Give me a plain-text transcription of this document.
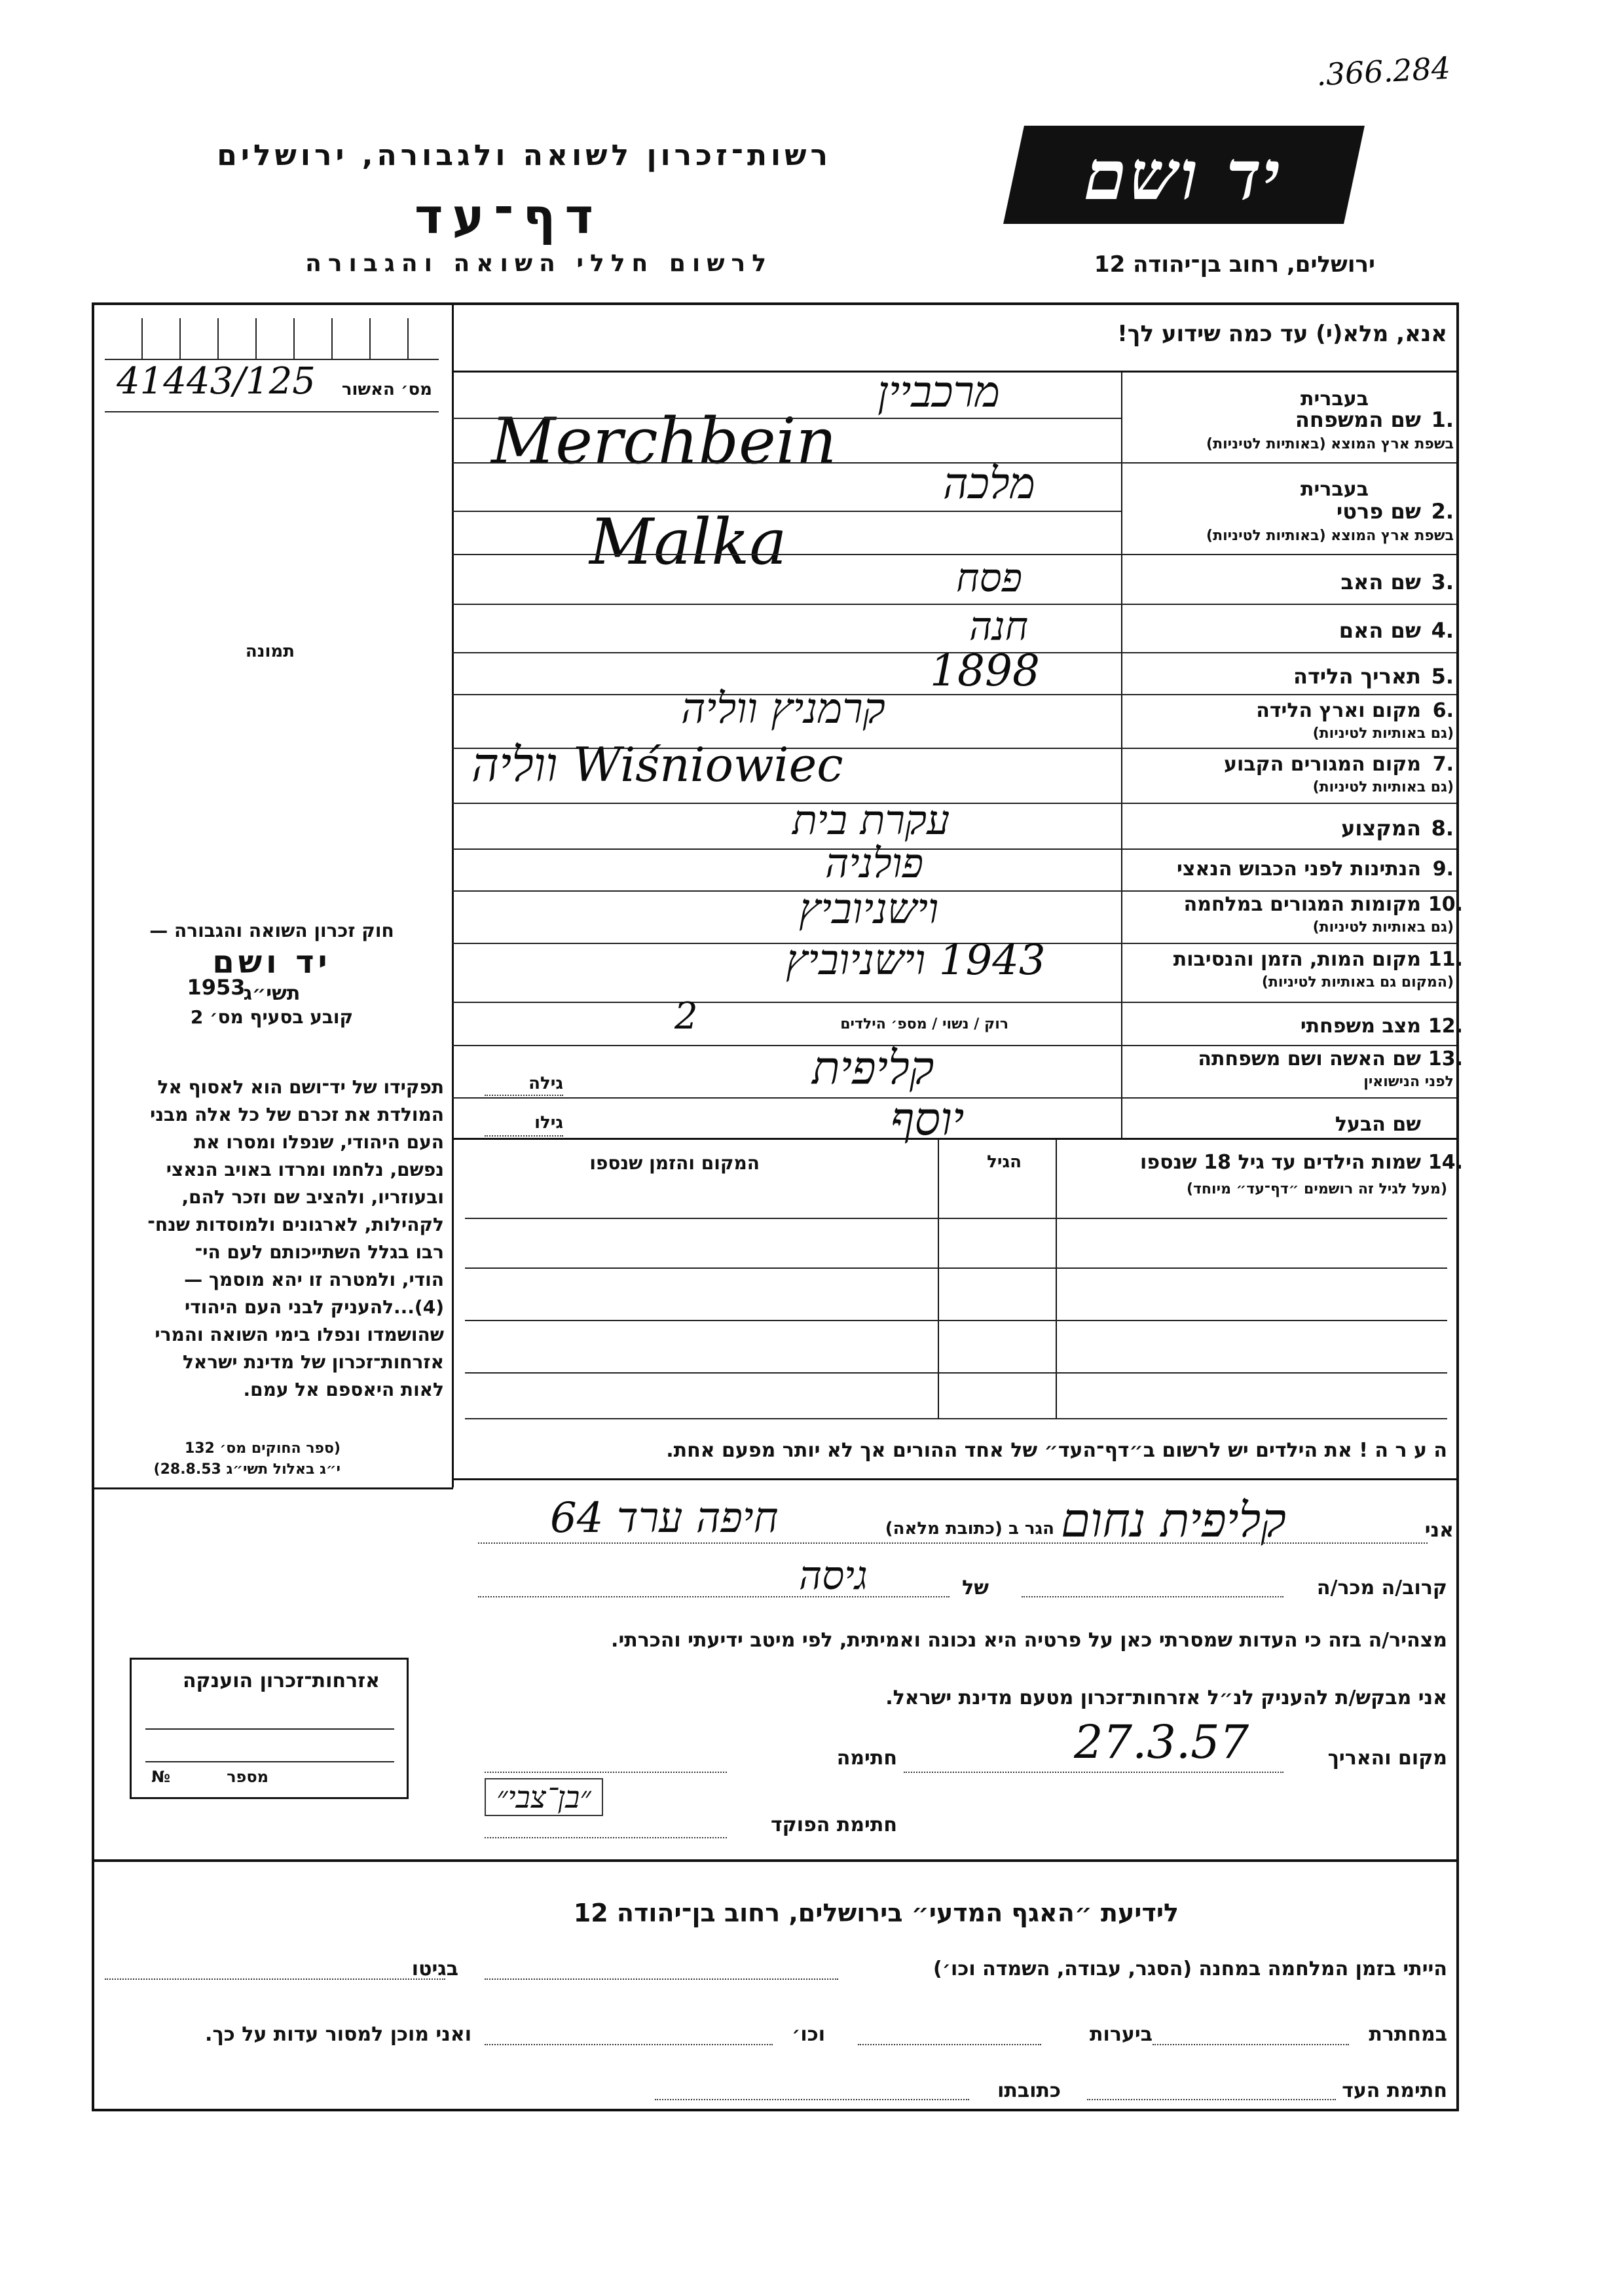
.366.284
רשות־זכרון לשואה ולגבורה, ירושלים
דף־עד
לרשום חללי השואה והגבורה	ירושלים, רחוב בן־יהודה 12
יד ושם
אנא, מלא(י) עד כמה שידוע לך!
מס׳ האשור
41443/125
תמונה

חוק זכרון השואה והגבורה —

יד ושם

תשי״ג

1953

קובע בסעיף מס׳ 2

תפקידו של יד־ושם הוא לאסוף אל
המולדת את זכרם של כל אלה מבני
העם היהודי, שנפלו ומסרו את
נפשם, נלחמו ומרדו באויב הנאצי
ובעוזריו, ולהציב שם וזכר להם,
לקהילות, לארגונים ולמוסדות שנח־
רבו בגלל השתייכותם לעם הי־
הודי, ולמטרה זו יהא מוסמך —
(4)...להעניק לבני העם היהודי
שהושמדו ונפלו בימי השואה והמרי
אזרחות־זכרון של מדינת ישראל
לאות היאספם אל עמם.
(ספר החוקים מס׳ 132
י״ג באלול תשי״ג 28.8.53)
אזרחות־זכרון הוענקה
מספר
№
בעברית
1.
שם המשפחה
בשפת ארץ המוצא (באותיות לטיניות)
מרכביין
Merchbein
בעברית
2.
שם פרטי
בשפת ארץ המוצא (באותיות לטיניות)
מלכה
Malka
3.
שם האב
פסח
4.
שם האם
חנה
5.
תאריך הלידה
1898
6.
מקום וארץ הלידה
(גם באותיות לטיניות)
קרמניץ ווליה
7.
מקום המגורים הקבוע
(גם באותיות לטיניות)
Wiśniowiec ווליה
8.
המקצוע
עקרת בית
9.
הנתינות לפני הכבוש הנאצי
פולניה
10.
מקומות המגורים במלחמה
(גם באותיות לטיניות)
וישניוביץ
11.
מקום המות, הזמן והנסיבות
(המקום גם באותיות לטיניות)
1943 וישניוביץ
12.
מצב משפחתי
רוק / נשוי / מספ׳ הילדים
2
13.
שם האשה ושם משפחתה
לפני הנישואין
קליפית
גילה
שם הבעל
יוסף
גילו
14.
שמות הילדים עד גיל 18 שנספו
(מעל לגיל זה רושמים ״דף־עד״ מיוחד)
הגיל
המקום והזמן שנספו
ה ע ר ה ! את הילדים יש לרשום ב״דף־העד״ של אחד ההורים אך לא יותר מפעם אחת.
אני
קליפית נחום
הגר ב (כתובת מלאה)
חיפה ערד 64
קרוב/ה מכר/ה
של
גיסה
מצהיר/ה בזה כי העדות שמסרתי כאן על פרטיה היא נכונה ואמיתית, לפי מיטב ידיעתי והכרתי.
אני מבקש/ת להעניק לנ״ל אזרחות־זכרון מטעם מדינת ישראל.
מקום והאריך
27.3.57
חתימה
״בן־צבי״
חתימת הפוקד
לידיעת ״האגף המדעי״ בירושלים, רחוב בן־יהודה 12
הייתי בזמן המלחמה במחנה (הסגר, עבודה, השמדה וכו׳)
בגיטו
במחתרת
ביערות
וכו׳
ואני מוכן למסור עדות על כך.
חתימת העד
כתובתו
